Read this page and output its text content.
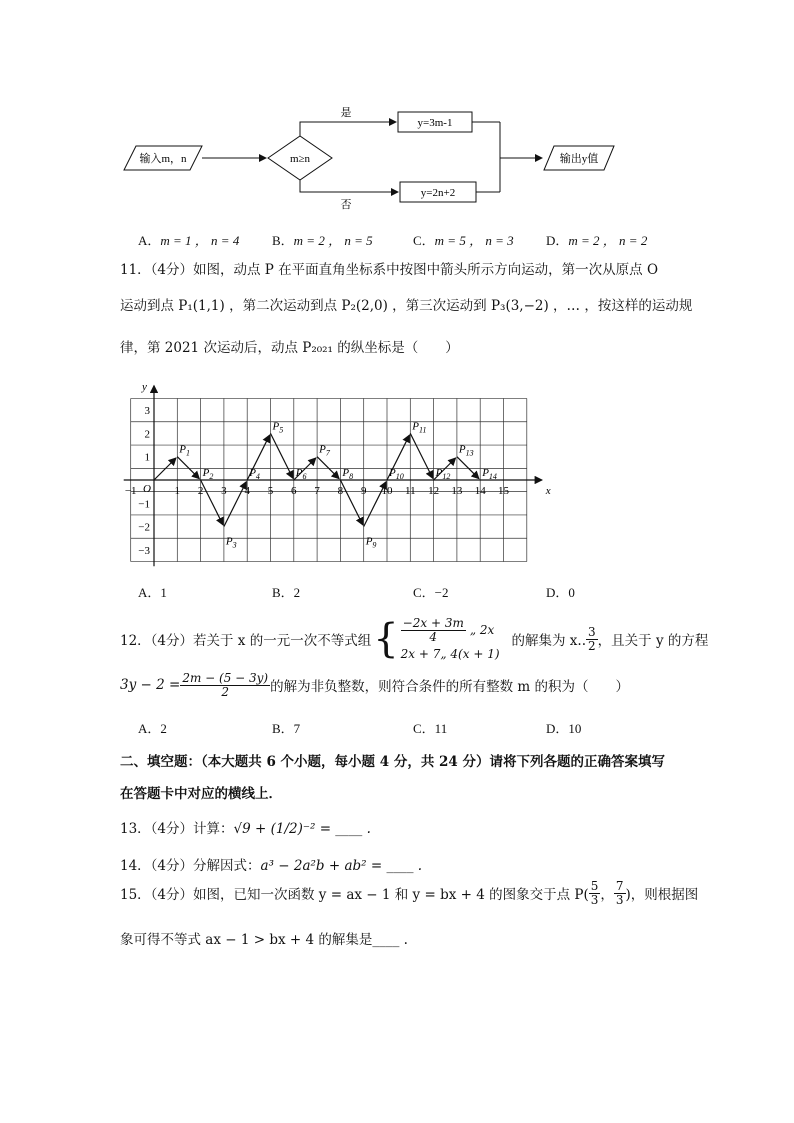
输入m，n	m≥n
是
否
y=3m-1
y=2n+2
输出y值
A．m = 1 ， n = 4	B．m = 2 ， n = 5	C．m = 5 ， n = 3 D．m = 2 ， n = 2
11．（4分）如图，动点 P 在平面直角坐标系中按图中箭头所示方向运动，第一次从原点 O
运动到点 P₁(1,1) ，第二次运动到点 P₂(2,0) ，第三次运动到 P₃(3,−2) ，… ，按这样的运动规
律，第 2021 次运动后，动点 P₂₀₂₁ 的纵坐标是（　　）
x
y
O
−1	1 2 3 4 5 6 7 8 9 10 11 12 13 14 15
3
2
1
−1
−2
−3
$P_1$
$P_2$
$P_3$
$P_4$
$P_5$
$P_6$
$P_7$
$P_8$
$P_9$
$P_{10}$
$P_{11}$
$P_{12}$
$P_{13}$
$P_{14}$
A．1	B．2	C．−2	D．0
12．（4分）若关于 x 的一元一次不等式组 { $\frac{-2x + 3m}{4}$ „ 2x
2x + 7„ 4(x + 1)
的解集为 x.. $\frac{3}{2}$ ，且关于 y 的方程
$3y - 2 = \frac{2m - (5 - 3y)}{2}$ 的解为非负整数，则符合条件的所有整数 m 的积为（　　）
A．2	B．7	C．11	D．10
二、填空题：（本大题共 6 个小题，每小题 4 分，共 24 分）请将下列各题的正确答案填写
在答题卡中对应的横线上．
13．（4分）计算：√9 + (1/2)⁻² = ____ .
14．（4分）分解因式：a³ − 2a²b + ab² = ____ .
15．（4分）如图，已知一次函数 y = ax − 1 和 y = bx + 4 的图象交于点 $P( \frac{5}{3}$ ， $\frac{7}{3}$ )，则根据图
象可得不等式 ax − 1 > bx + 4 的解集是____ .
